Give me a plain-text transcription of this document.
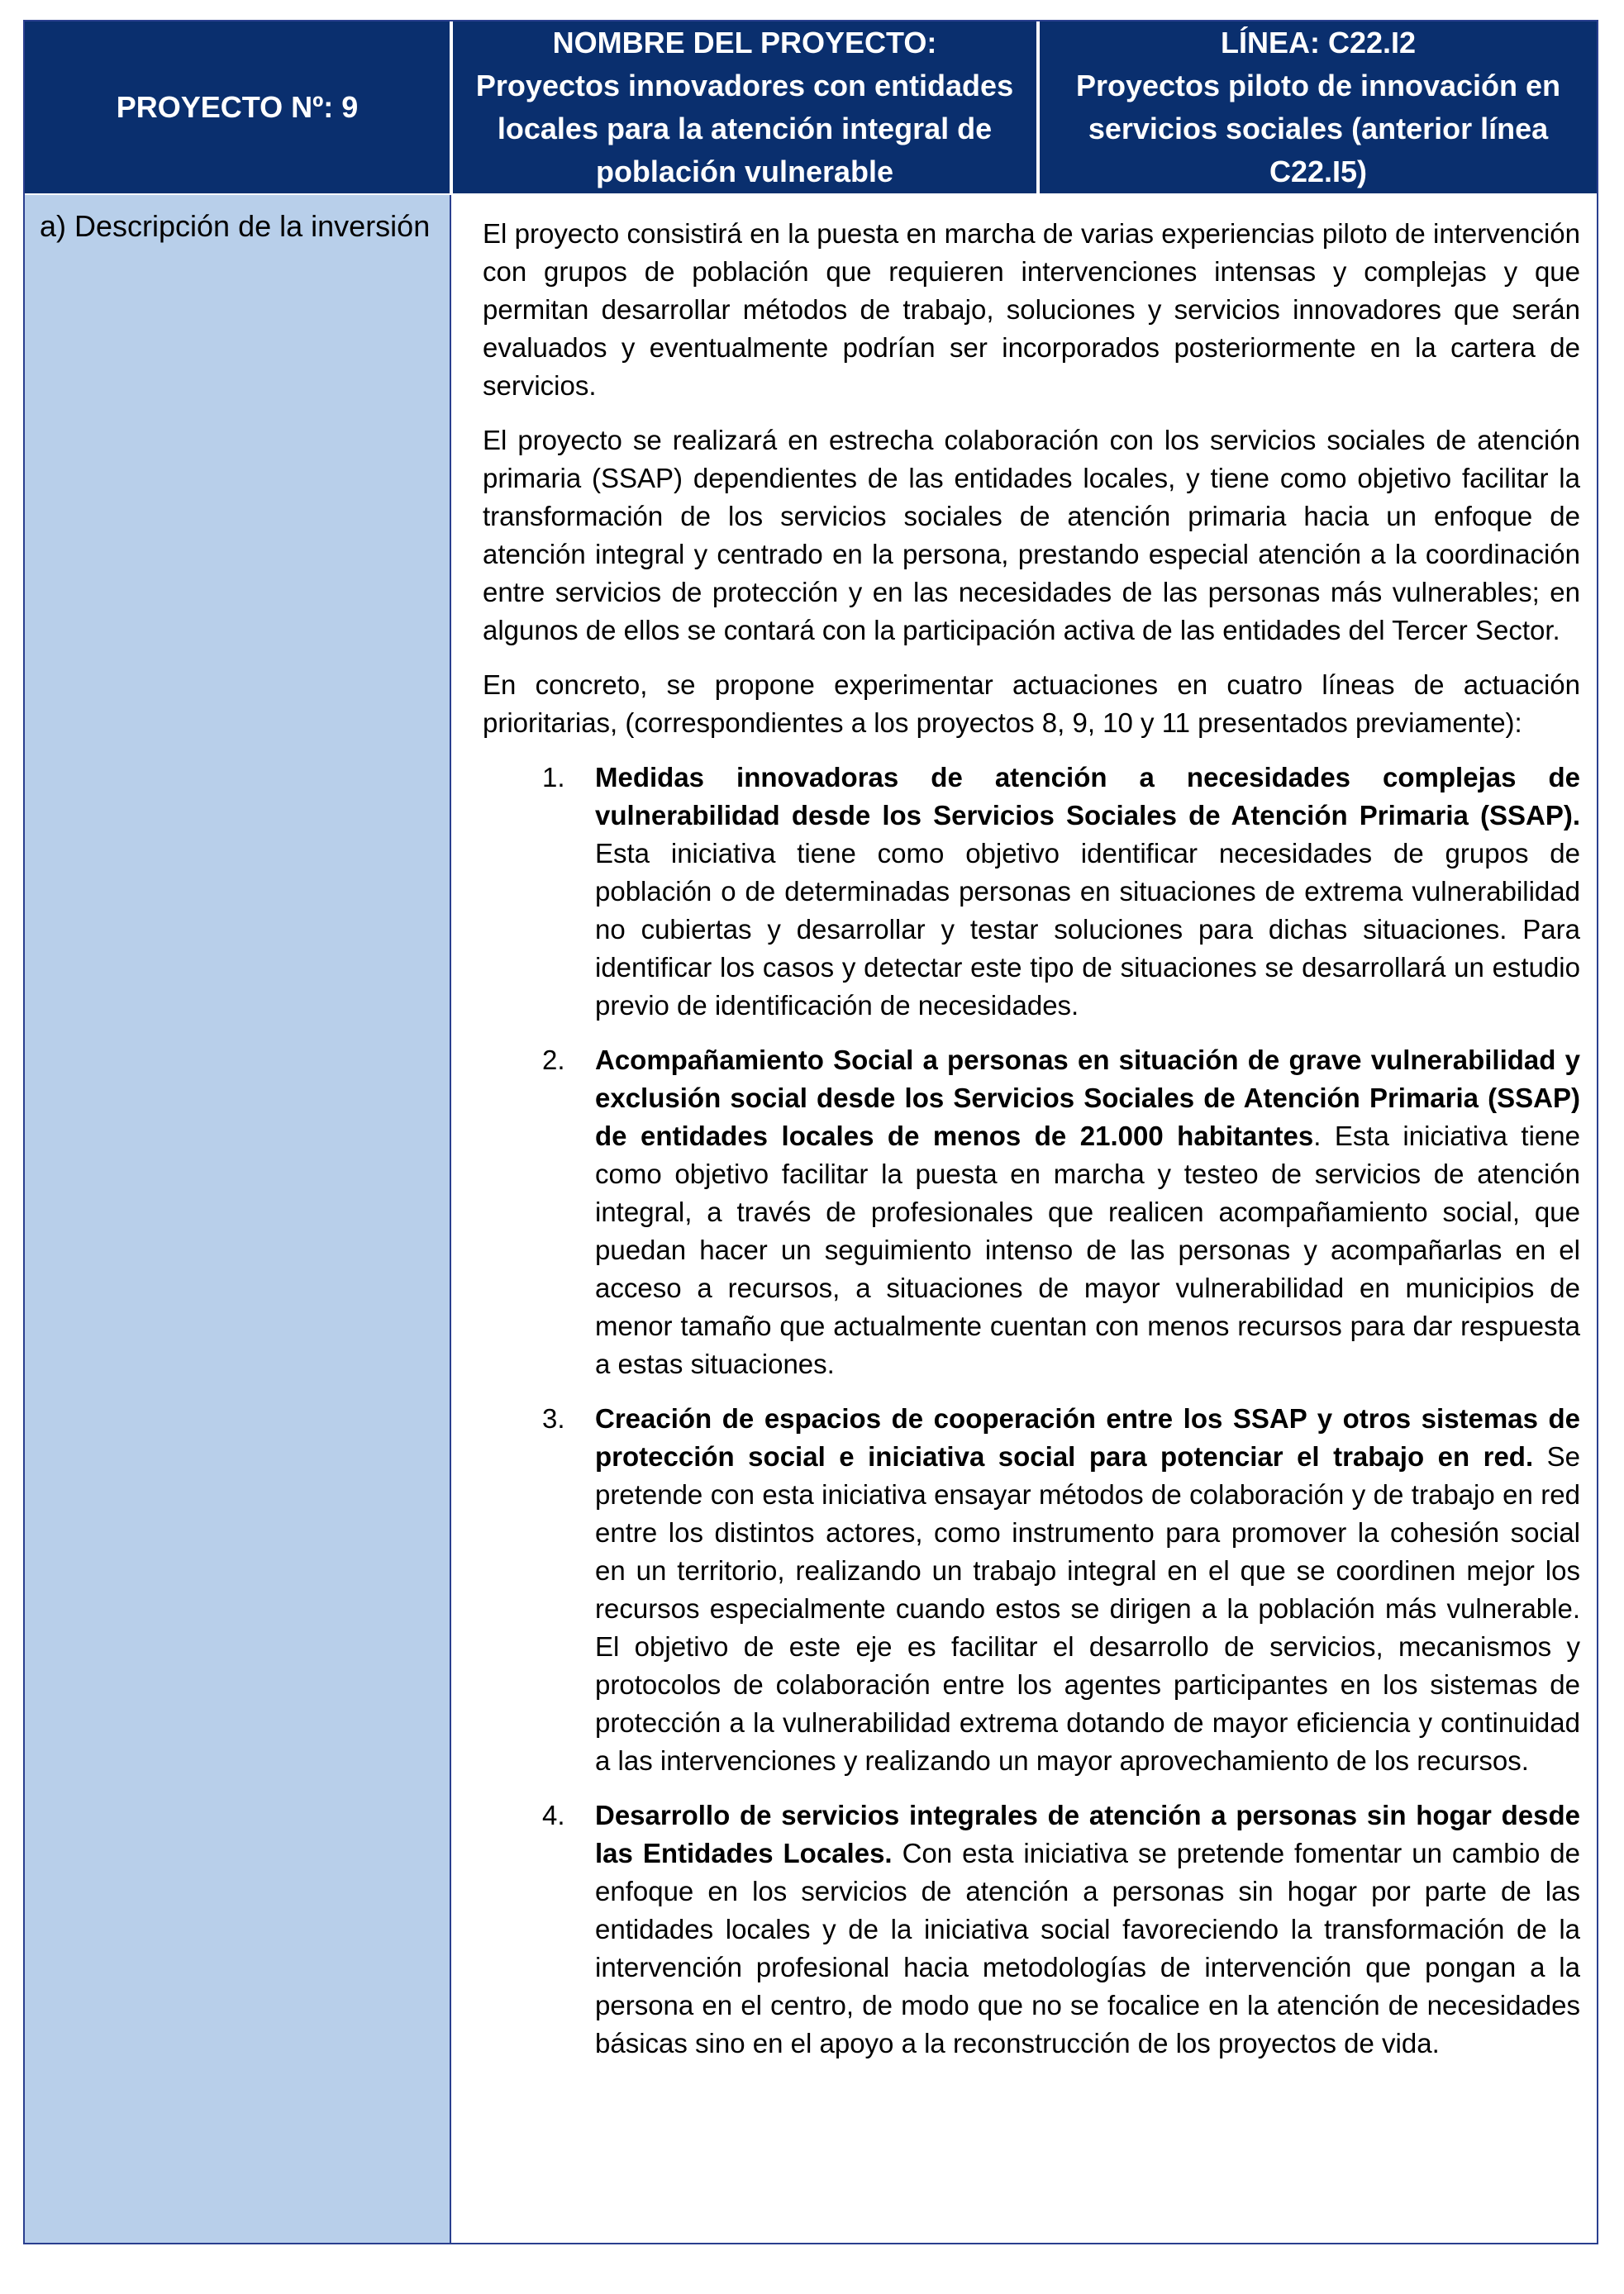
PROYECTO Nº: 9
NOMBRE DEL PROYECTO:
Proyectos innovadores con entidades locales para la atención integral de población vulnerable
LÍNEA: C22.I2
Proyectos piloto de innovación en servicios sociales (anterior línea C22.I5)
a) Descripción de la inversión	El proyecto consistirá en la puesta en marcha de varias experiencias piloto de intervención con grupos de población que requieren intervenciones intensas y complejas y que permitan desarrollar métodos de trabajo, soluciones y servicios innovadores que serán evaluados y eventualmente podrían ser incorporados posteriormente en la cartera de servicios.

El proyecto se realizará en estrecha colaboración con los servicios sociales de atención primaria (SSAP) dependientes de las entidades locales, y tiene como objetivo facilitar la transformación de los servicios sociales de atención primaria hacia un enfoque de atención integral y centrado en la persona, prestando especial atención a la coordinación entre servicios de protección y en las necesidades de las personas más vulnerables; en algunos de ellos se contará con la participación activa de las entidades del Tercer Sector.

En concreto, se propone experimentar actuaciones en cuatro líneas de actuación prioritarias, (correspondientes a los proyectos 8, 9, 10 y 11 presentados previamente):

1. Medidas innovadoras de atención a necesidades complejas de vulnerabilidad desde los Servicios Sociales de Atención Primaria (SSAP). Esta iniciativa tiene como objetivo identificar necesidades de grupos de población o de determinadas personas en situaciones de extrema vulnerabilidad no cubiertas y desarrollar y testar soluciones para dichas situaciones. Para identificar los casos y detectar este tipo de situaciones se desarrollará un estudio previo de identificación de necesidades.
2. Acompañamiento Social a personas en situación de grave vulnerabilidad y exclusión social desde los Servicios Sociales de Atención Primaria (SSAP) de entidades locales de menos de 21.000 habitantes. Esta iniciativa tiene como objetivo facilitar la puesta en marcha y testeo de servicios de atención integral, a través de profesionales que realicen acompañamiento social, que puedan hacer un seguimiento intenso de las personas y acompañarlas en el acceso a recursos, a situaciones de mayor vulnerabilidad en municipios de menor tamaño que actualmente cuentan con menos recursos para dar respuesta a estas situaciones.
3. Creación de espacios de cooperación entre los SSAP y otros sistemas de protección social e iniciativa social para potenciar el trabajo en red. Se pretende con esta iniciativa ensayar métodos de colaboración y de trabajo en red entre los distintos actores, como instrumento para promover la cohesión social en un territorio, realizando un trabajo integral en el que se coordinen mejor los recursos especialmente cuando estos se dirigen a la población más vulnerable. El objetivo de este eje es facilitar el desarrollo de servicios, mecanismos y protocolos de colaboración entre los agentes participantes en los sistemas de protección a la vulnerabilidad extrema dotando de mayor eficiencia y continuidad a las intervenciones y realizando un mayor aprovechamiento de los recursos.
4. Desarrollo de servicios integrales de atención a personas sin hogar desde las Entidades Locales. Con esta iniciativa se pretende fomentar un cambio de enfoque en los servicios de atención a personas sin hogar por parte de las entidades locales y de la iniciativa social favoreciendo la transformación de la intervención profesional hacia metodologías de intervención que pongan a la persona en el centro, de modo que no se focalice en la atención de necesidades básicas sino en el apoyo a la reconstrucción de los proyectos de vida.
